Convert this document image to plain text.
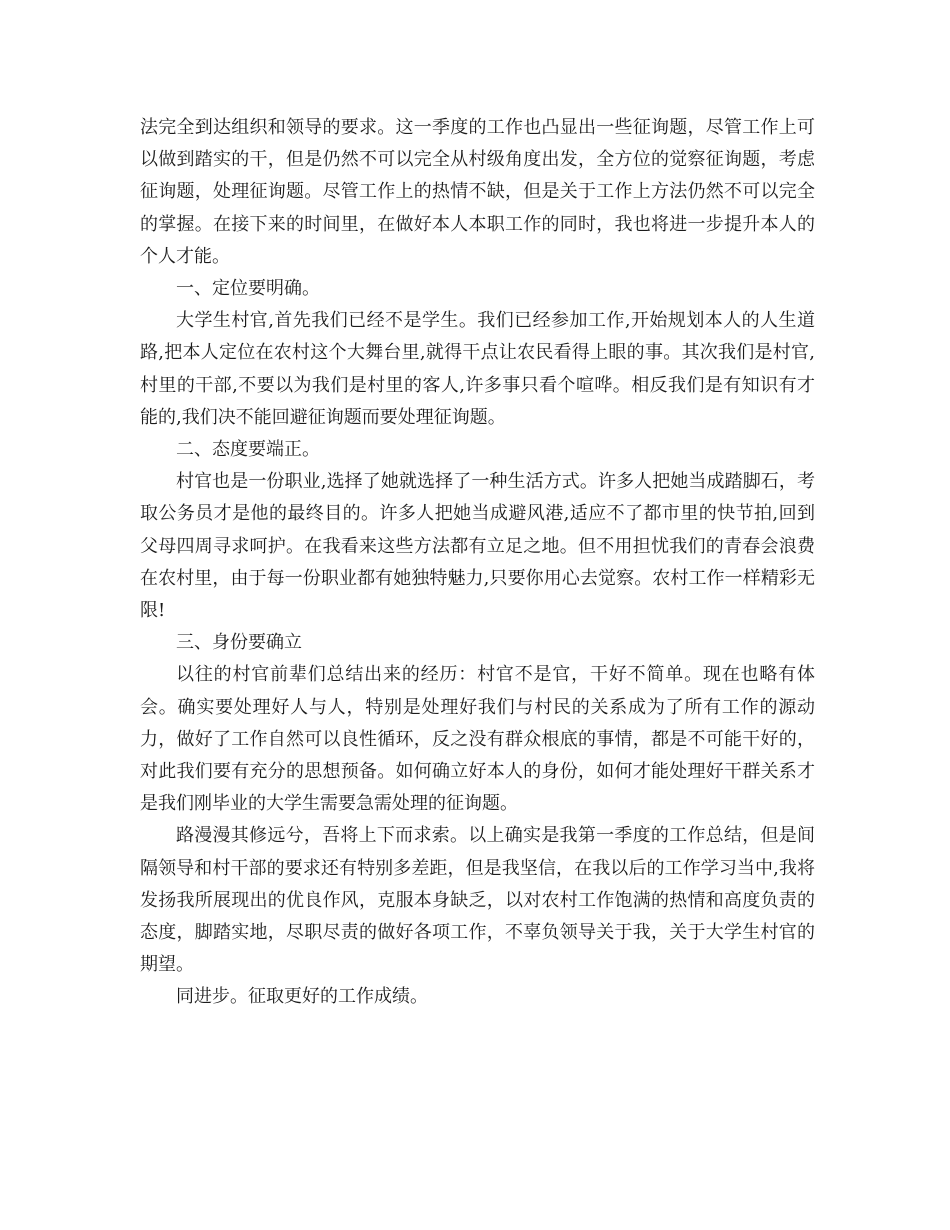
法完全到达组织和领导的要求。这一季度的工作也凸显出一些征询题，尽管工作上可以做到踏实的干，但是仍然不可以完全从村级角度出发，全方位的觉察征询题，考虑征询题，处理征询题。尽管工作上的热情不缺，但是关于工作上方法仍然不可以完全的掌握。在接下来的时间里，在做好本人本职工作的同时，我也将进一步提升本人的个人才能。

一、定位要明确。

大学生村官,首先我们已经不是学生。我们已经参加工作,开始规划本人的人生道路,把本人定位在农村这个大舞台里,就得干点让农民看得上眼的事。其次我们是村官,村里的干部,不要以为我们是村里的客人,许多事只看个喧哗。相反我们是有知识有才能的,我们决不能回避征询题而要处理征询题。

二、态度要端正。

村官也是一份职业,选择了她就选择了一种生活方式。许多人把她当成踏脚石，考取公务员才是他的最终目的。许多人把她当成避风港,适应不了都市里的快节拍,回到父母四周寻求呵护。在我看来这些方法都有立足之地。但不用担忧我们的青春会浪费在农村里，由于每一份职业都有她独特魅力,只要你用心去觉察。农村工作一样精彩无限!

三、身份要确立

以往的村官前辈们总结出来的经历：村官不是官，干好不简单。现在也略有体会。确实要处理好人与人，特别是处理好我们与村民的关系成为了所有工作的源动力，做好了工作自然可以良性循环，反之没有群众根底的事情，都是不可能干好的，对此我们要有充分的思想预备。如何确立好本人的身份，如何才能处理好干群关系才是我们刚毕业的大学生需要急需处理的征询题。

路漫漫其修远兮，吾将上下而求索。以上确实是我第一季度的工作总结，但是间隔领导和村干部的要求还有特别多差距，但是我坚信，在我以后的工作学习当中,我将发扬我所展现出的优良作风，克服本身缺乏，以对农村工作饱满的热情和高度负责的态度，脚踏实地，尽职尽责的做好各项工作，不辜负领导关于我，关于大学生村官的期望。

同进步。征取更好的工作成绩。
